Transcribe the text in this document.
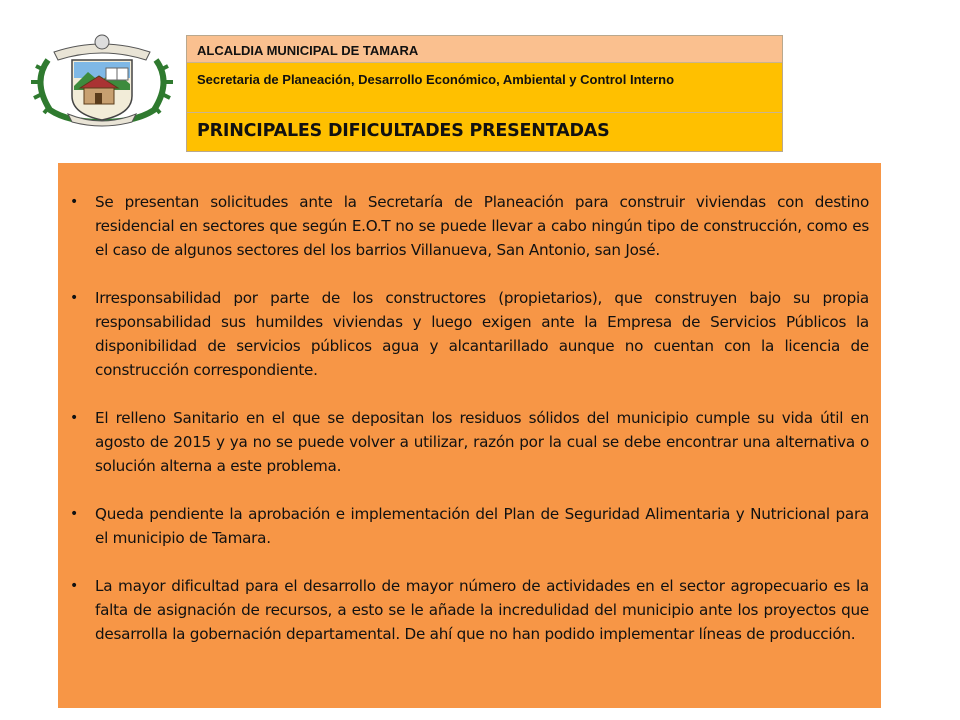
ALCALDIA MUNICIPAL DE TAMARA
Secretaria de Planeación, Desarrollo Económico, Ambiental y Control Interno
PRINCIPALES DIFICULTADES PRESENTADAS
• Se presentan solicitudes ante la Secretaría de Planeación para construir viviendas con destino residencial en sectores que según E.O.T no se puede llevar a cabo ningún tipo de construcción, como es el caso de algunos sectores del los barrios Villanueva, San Antonio, san José.
• Irresponsabilidad por parte de los constructores (propietarios), que construyen bajo su propia responsabilidad sus humildes viviendas y luego exigen ante la Empresa de Servicios Públicos la disponibilidad de servicios públicos agua y alcantarillado aunque no cuentan con la licencia de construcción correspondiente.
• El relleno Sanitario en el que se depositan los residuos sólidos del municipio cumple su vida útil en agosto de 2015 y ya no se puede volver a utilizar, razón por la cual se debe encontrar una alternativa o solución alterna a este problema.
• Queda pendiente la aprobación e implementación del Plan de Seguridad Alimentaria y Nutricional para el municipio de Tamara.
• La mayor dificultad para el desarrollo de mayor número de actividades en el sector agropecuario es la falta de asignación de recursos, a esto se le añade la incredulidad del municipio ante los proyectos que desarrolla la gobernación departamental. De ahí que no han podido implementar líneas de producción.
